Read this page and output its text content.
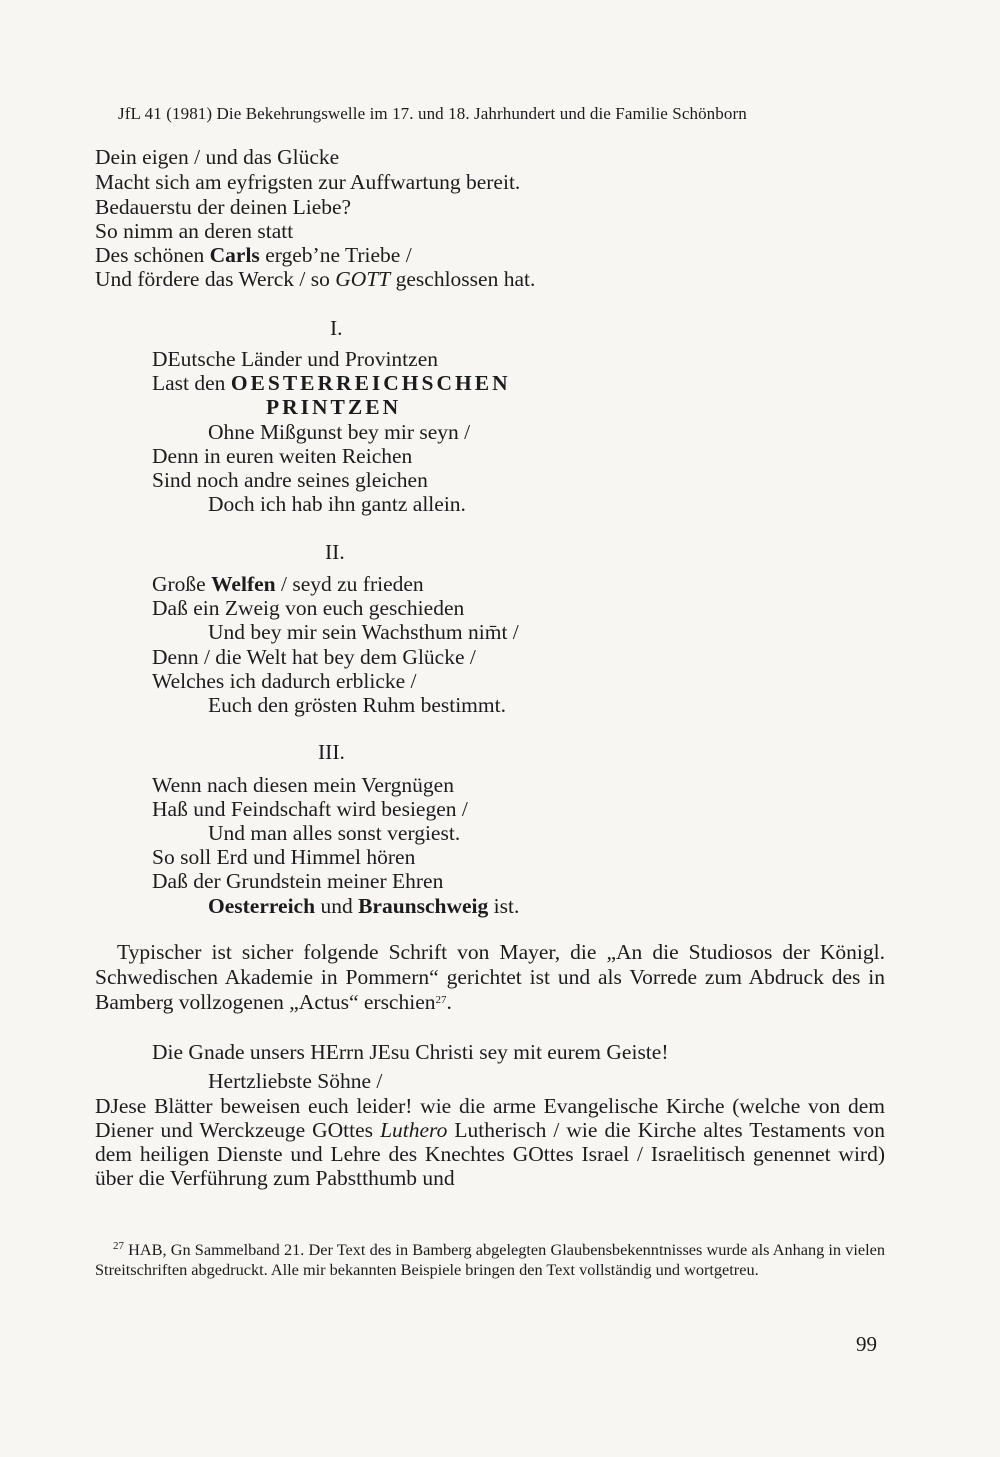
JfL 41 (1981) Die Bekehrungswelle im 17. und 18. Jahrhundert und die Familie Schönborn
Dein eigen / und das Glücke
Macht sich am eyfrigsten zur Auffwartung bereit.
Bedauerstu der deinen Liebe?
So nimm an deren statt
Des schönen Carls ergeb’ne Triebe /
Und fördere das Werck / so GOTT geschlossen hat.
I.
DEutsche Länder und Provintzen
Last den OESTERREICHSCHEN
PRINTZEN
Ohne Mißgunst bey mir seyn /
Denn in euren weiten Reichen
Sind noch andre seines gleichen
Doch ich hab ihn gantz allein.
II.
Große Welfen / seyd zu frieden
Daß ein Zweig von euch geschieden
Und bey mir sein Wachsthum nim̄t /
Denn / die Welt hat bey dem Glücke /
Welches ich dadurch erblicke /
Euch den grösten Ruhm bestimmt.
III.
Wenn nach diesen mein Vergnügen
Haß und Feindschaft wird besiegen /
Und man alles sonst vergiest.
So soll Erd und Himmel hören
Daß der Grundstein meiner Ehren
Oesterreich und Braunschweig ist.
Typischer ist sicher folgende Schrift von Mayer, die „An die Studiosos der Königl. Schwedischen Akademie in Pommern“ gerichtet ist und als Vorrede zum Abdruck des in Bamberg vollzogenen „Actus“ erschien$^{27}$.
Die Gnade unsers HErrn JEsu Christi sey mit eurem Geiste!
Hertzliebste Söhne /
DJese Blätter beweisen euch leider! wie die arme Evangelische Kirche (welche von dem Diener und Werckzeuge GOttes Luthero Lutherisch / wie die Kirche altes Testaments von dem heiligen Dienste und Lehre des Knechtes GOttes Israel / Israelitisch genennet wird) über die Verführung zum Pabstthumb und
$^{27}$ HAB, Gn Sammelband 21. Der Text des in Bamberg abgelegten Glaubensbekenntnisses wurde als Anhang in vielen Streitschriften abgedruckt. Alle mir bekannten Beispiele bringen den Text vollständig und wortgetreu.
99
